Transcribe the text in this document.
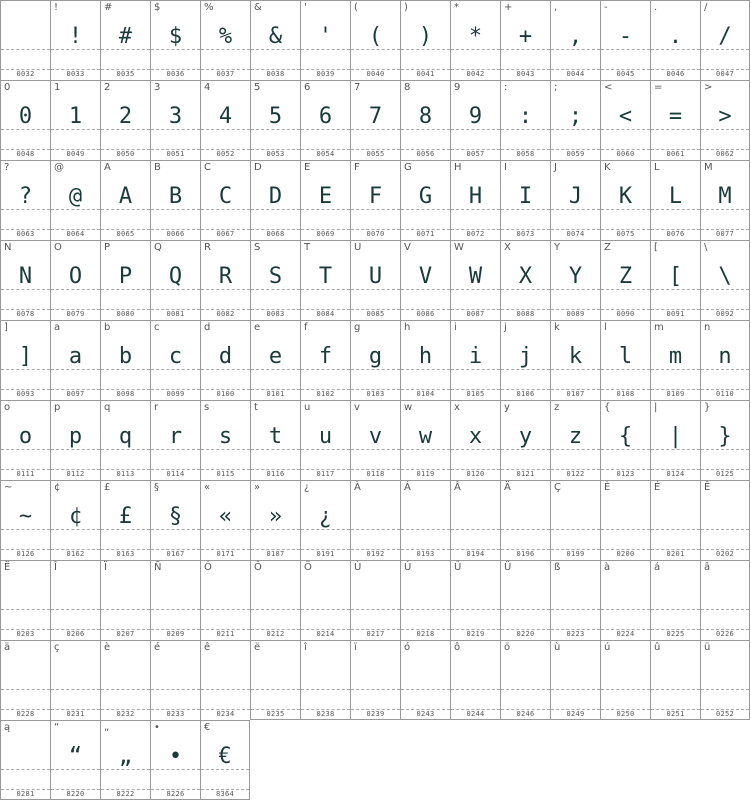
0032
!
!
0033
#
#
0035
$
$
0036
%
%
0037
&
&
0038
'
'
0039
(
(
0040
)
)
0041
*
*
0042
+
+
0043
,
,
0044
-
-
0045
.
.
0046
/
/
0047
0
0
0048
1
1
0049
2
2
0050
3
3
0051
4
4
0052
5
5
0053
6
6
0054
7
7
0055
8
8
0056
9
9
0057
:
:
0058
;
;
0059
<
<
0060
=
=
0061
>
>
0062
?
?
0063
@
@
0064
A
A
0065
B
B
0066
C
C
0067
D
D
0068
E
E
0069
F
F
0070
G
G
0071
H
H
0072
I
I
0073
J
J
0074
K
K
0075
L
L
0076
M
M
0077
N
N
0078
O
O
0079
P
P
0080
Q
Q
0081
R
R
0082
S
S
0083
T
T
0084
U
U
0085
V
V
0086
W
W
0087
X
X
0088
Y
Y
0089
Z
Z
0090
[
[
0091
\
\
0092
]
]
0093
a
a
0097
b
b
0098
c
c
0099
d
d
0100
e
e
0101
f
f
0102
g
g
0103
h
h
0104
i
i
0105
j
j
0106
k
k
0107
l
l
0108
m
m
0109
n
n
0110
o
o
0111
p
p
0112
q
q
0113
r
r
0114
s
s
0115
t
t
0116
u
u
0117
v
v
0118
w
w
0119
x
x
0120
y
y
0121
z
z
0122
{
{
0123
|
|
0124
}
}
0125
~
~
0126
¢
¢
0162
£
£
0163
§
§
0167
«
«
0171
»
»
0187
¿
¿
0191
À
0192
Á
0193
Â
0194
Ä
0196
Ç
0199
È
0200
É
0201
Ê
0202
Ë
0203
Î
0206
Ï
0207
Ñ
0209
Ó
0211
Ô
0212
Ö
0214
Ù
0217
Ú
0218
Û
0219
Ü
0220
ß
0223
à
0224
á
0225
â
0226
ä
0228
ç
0231
è
0232
é
0233
ê
0234
ë
0235
î
0238
ï
0239
ó
0243
ô
0244
ö
0246
ù
0249
ú
0250
û
0251
ü
0252
ą
0281
“
“
8220
„
„
8222
•
•
8226
€
€
8364
